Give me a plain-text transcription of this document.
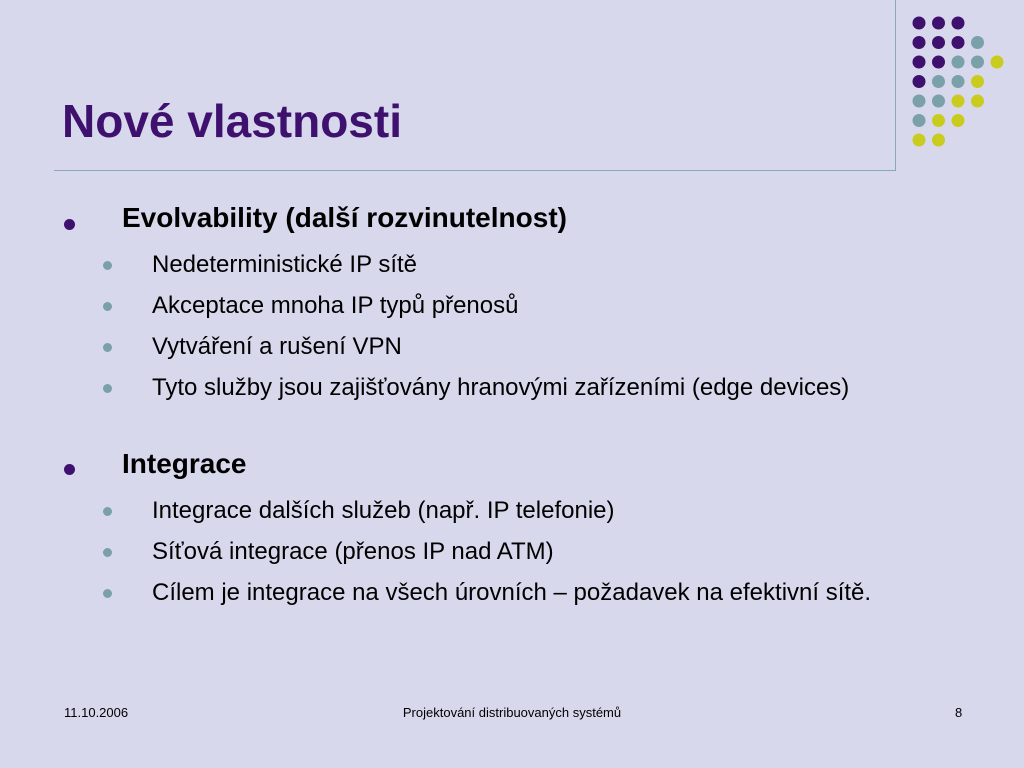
Nové vlastnosti
Evolvability (další rozvinutelnost)
Nedeterministické IP sítě
Akceptace mnoha IP typů přenosů
Vytváření a rušení VPN
Tyto služby jsou zajišťovány hranovými zařízeními (edge devices)
Integrace
Integrace dalších služeb (např. IP telefonie)
Síťová integrace (přenos IP nad ATM)
Cílem je integrace na všech úrovních – požadavek na efektivní sítě.
11.10.2006	Projektování distribuovaných systémů	8
